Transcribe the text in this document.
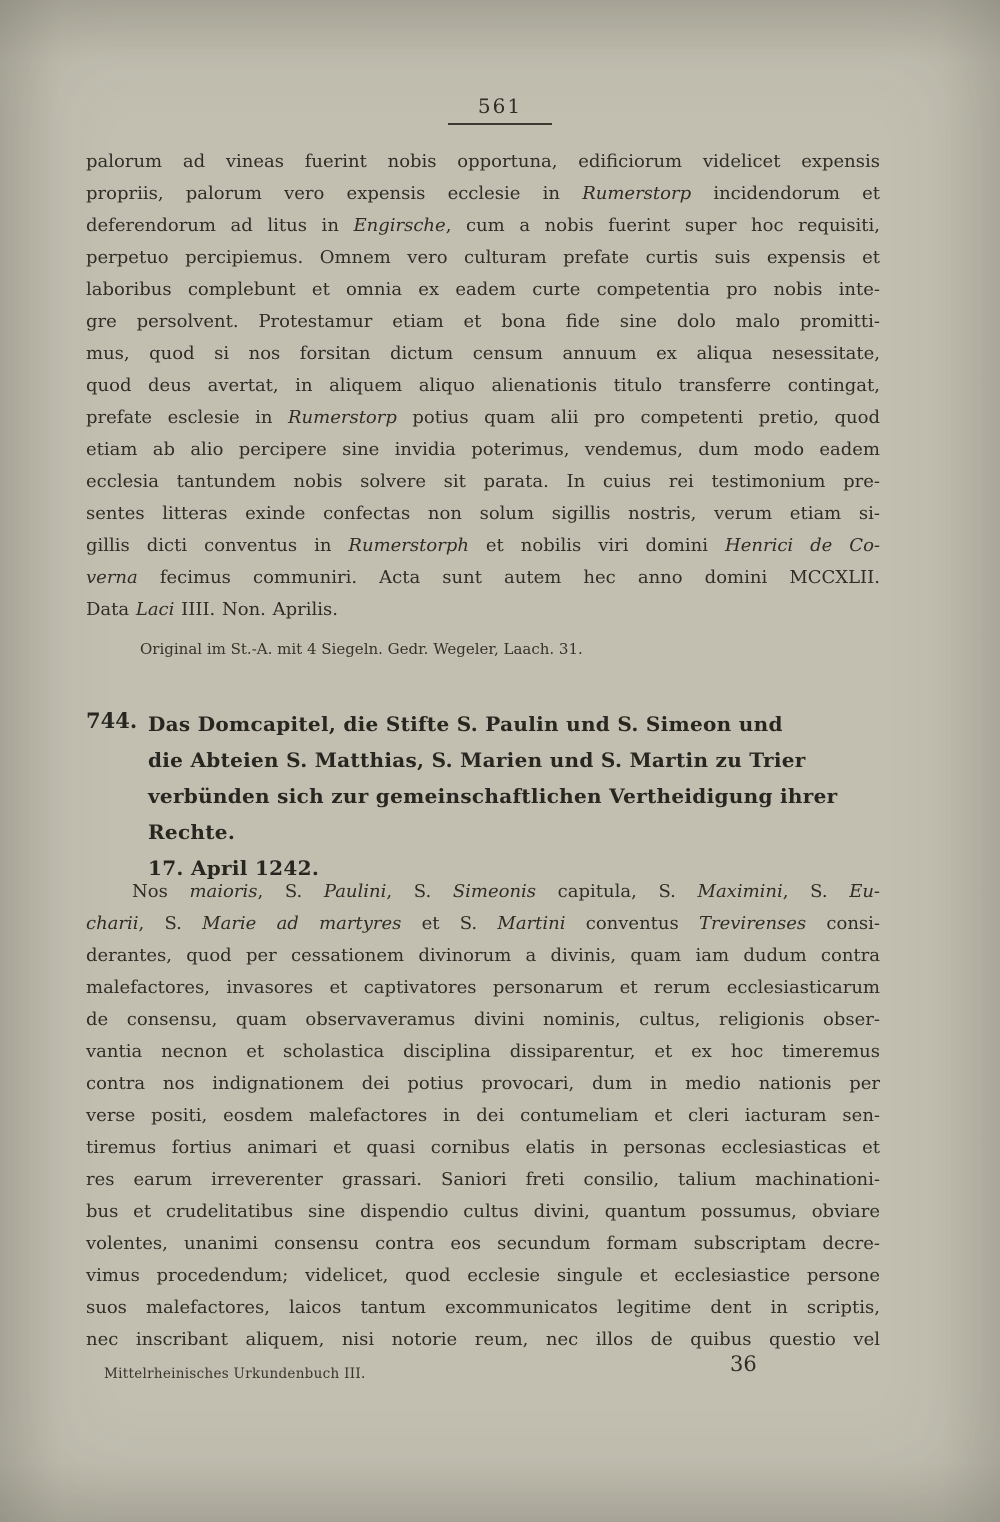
561
palorum ad vineas fuerint nobis opportuna, edificiorum videlicet expensis
propriis, palorum vero expensis ecclesie in Rumerstorp incidendorum et
deferendorum ad litus in Engirsche, cum a nobis fuerint super hoc requisiti,
perpetuo percipiemus. Omnem vero culturam prefate curtis suis expensis et
laboribus complebunt et omnia ex eadem curte competentia pro nobis inte-
gre persolvent. Protestamur etiam et bona fide sine dolo malo promitti-
mus, quod si nos forsitan dictum censum annuum ex aliqua nesessitate,
quod deus avertat, in aliquem aliquo alienationis titulo transferre contingat,
prefate esclesie in Rumerstorp potius quam alii pro competenti pretio, quod
etiam ab alio percipere sine invidia poterimus, vendemus, dum modo eadem
ecclesia tantundem nobis solvere sit parata. In cuius rei testimonium pre-
sentes litteras exinde confectas non solum sigillis nostris, verum etiam si-
gillis dicti conventus in Rumerstorph et nobilis viri domini Henrici de Co-
verna fecimus communiri. Acta sunt autem hec anno domini MCCXLII.
Data Laci IIII. Non. Aprilis.
Original im St.-A. mit 4 Siegeln. Gedr. Wegeler, Laach. 31.
744. Das Domcapitel, die Stifte S. Paulin und S. Simeon und
die Abteien S. Matthias, S. Marien und S. Martin zu Trier
verbünden sich zur gemeinschaftlichen Vertheidigung ihrer Rechte.
17. April 1242.
Nos maioris, S. Paulini, S. Simeonis capitula, S. Maximini, S. Eu-
charii, S. Marie ad martyres et S. Martini conventus Trevirenses consi-
derantes, quod per cessationem divinorum a divinis, quam iam dudum contra
malefactores, invasores et captivatores personarum et rerum ecclesiasticarum
de consensu, quam observaveramus divini nominis, cultus, religionis obser-
vantia necnon et scholastica disciplina dissiparentur, et ex hoc timeremus
contra nos indignationem dei potius provocari, dum in medio nationis per
verse positi, eosdem malefactores in dei contumeliam et cleri iacturam sen-
tiremus fortius animari et quasi cornibus elatis in personas ecclesiasticas et
res earum irreverenter grassari. Saniori freti consilio, talium machinationi-
bus et crudelitatibus sine dispendio cultus divini, quantum possumus, obviare
volentes, unanimi consensu contra eos secundum formam subscriptam decre-
vimus procedendum; videlicet, quod ecclesie singule et ecclesiastice persone
suos malefactores, laicos tantum excommunicatos legitime dent in scriptis,
nec inscribant aliquem, nisi notorie reum, nec illos de quibus questio vel
Mittelrheinisches Urkundenbuch III.	36
